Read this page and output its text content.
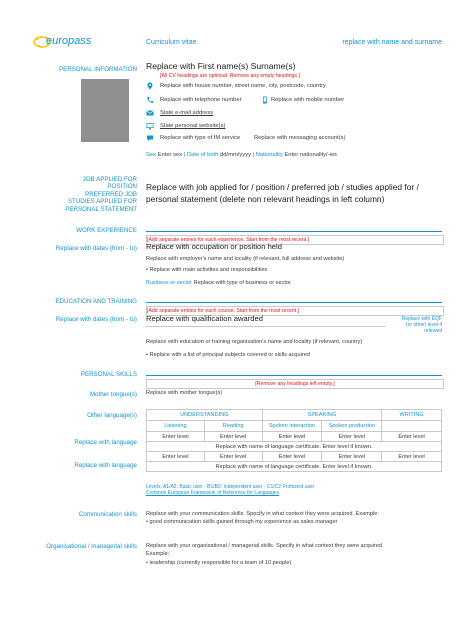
europass	Curriculum vitae	replace with name and surname
PERSONAL INFORMATION Replace with First name(s) Surname(s)
[All CV headings are optional. Remove any empty headings.]
Replace with house number, street name, city, postcode, country
Replace with telephone number	Replace with mobile number
State e-mail address
State personal website(s)
Replace with type of IM service Replace with messaging account(s)
Sex Enter sex | Date of birth dd/mm/yyyy | Nationality Enter nationality/-ies
JOB APPLIED FOR
POSITION
PREFERRED JOB
STUDIES APPLIED FOR
PERSONAL STATEMENT
Replace with job applied for / position / preferred job / studies applied for / personal statement (delete non relevant headings in left column)
WORK EXPERIENCE
[Add separate entries for each experience. Start from the most recent.]
Replace with dates (from - to) Replace with occupation or position held
Replace with employer's name and locality (if relevant, full address and website)
• Replace with main activities and responsibilities
Business or sector Replace with type of business or sector
EDUCATION AND TRAINING
[Add separate entries for each course. Start from the most recent.]
Replace with dates (from - to) Replace with qualification awarded	Replace with EQF
(or other) level if
relevant
Replace with education or training organisation's name and locality (if relevant, country)
• Replace with a list of principal subjects covered or skills acquired
PERSONAL SKILLS
[Remove any headings left empty.]
Mother tongue(s) Replace with mother tongue(s)
Other language(s)	UNDERSTANDING		SPEAKING		WRITING
Listening	Reading	Spoken interaction	Spoken production	
Enter level	Enter level	Enter level	Enter level	Enter level
Replace with name of language certificate. Enter level if known.				
Enter level	Enter level	Enter level	Enter level	Enter level
Replace with name of language certificate. Enter level if known.				
Replace with language
Replace with language
Levels: A1/A2: Basic user - B1/B2: Independent user - C1/C2 Proficient user
Common European Framework of Reference for Languages
Communication skills Replace with your communication skills. Specify in what context they were acquired. Example:
• good communication skills gained through my experience as sales manager
Organisational / managerial skills Replace with your organisational / managerial skills. Specify in what context they were acquired.
Example:
• leadership (currently responsible for a team of 10 people)
